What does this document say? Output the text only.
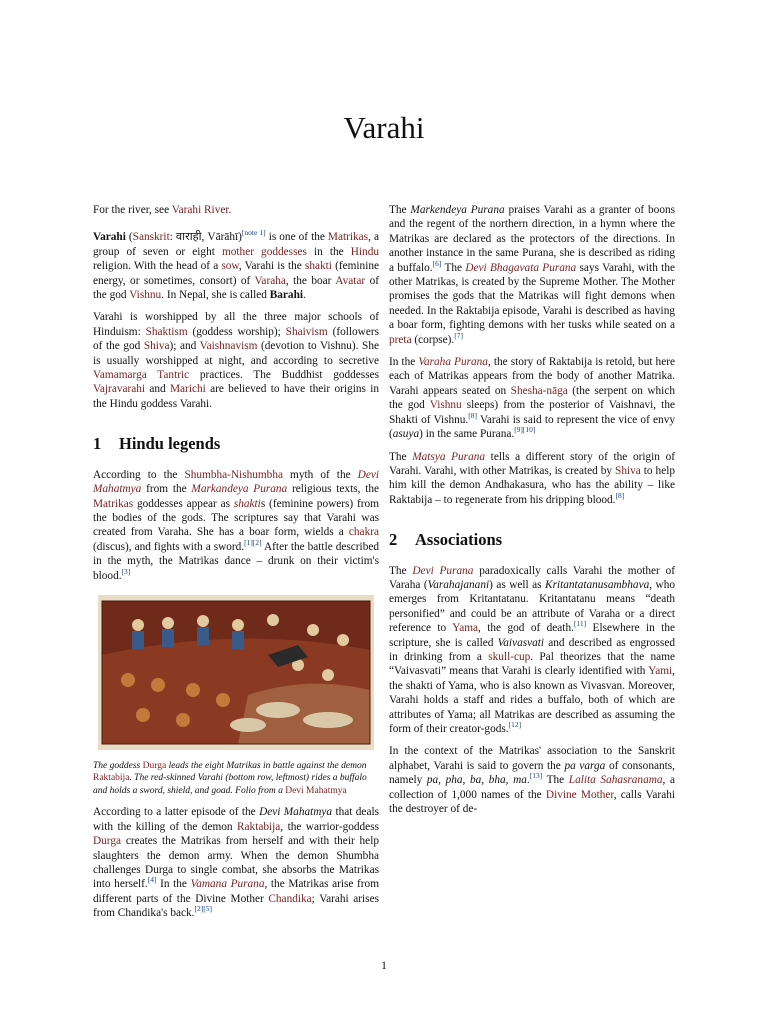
Varahi

For the river, see Varahi River.

Varahi (Sanskrit: वाराही, Vārāhī)[note 1] is one of the Matrikas, a group of seven or eight mother goddesses in the Hindu religion. With the head of a sow, Varahi is the shakti (feminine energy, or sometimes, consort) of Varaha, the boar Avatar of the god Vishnu. In Nepal, she is called Barahi.

Varahi is worshipped by all the three major schools of Hinduism: Shaktism (goddess worship); Shaivism (followers of the god Shiva); and Vaishnavism (devotion to Vishnu). She is usually worshipped at night, and according to secretive Vamamarga Tantric practices. The Buddhist goddesses Vajravarahi and Marichi are believed to have their origins in the Hindu goddess Varahi.

1 Hindu legends

According to the Shumbha-Nishumbha myth of the Devi Mahatmya from the Markandeya Purana religious texts, the Matrikas goddesses appear as shaktis (feminine powers) from the bodies of the gods. The scriptures say that Varahi was created from Varaha. She has a boar form, wields a chakra (discus), and fights with a sword.[1][2] After the battle described in the myth, the Matrikas dance – drunk on their victim's blood.[3]

The goddess Durga leads the eight Matrikas in battle against the demon Raktabija. The red-skinned Varahi (bottom row, leftmost) rides a buffalo and holds a sword, shield, and goad. Folio from a Devi Mahatmya

According to a latter episode of the Devi Mahatmya that deals with the killing of the demon Raktabija, the warrior-goddess Durga creates the Matrikas from herself and with their help slaughters the demon army. When the demon Shumbha challenges Durga to single combat, she absorbs the Matrikas into herself.[4] In the Vamana Purana, the Matrikas arise from different parts of the Divine Mother Chandika; Varahi arises from Chandika's back.[2][5]

The Markendeya Purana praises Varahi as a granter of boons and the regent of the northern direction, in a hymn where the Matrikas are declared as the protectors of the directions. In another instance in the same Purana, she is described as riding a buffalo.[6] The Devi Bhagavata Purana says Varahi, with the other Matrikas, is created by the Supreme Mother. The Mother promises the gods that the Matrikas will fight demons when needed. In the Raktabija episode, Varahi is described as having a boar form, fighting demons with her tusks while seated on a preta (corpse).[7]

In the Varaha Purana, the story of Raktabija is retold, but here each of Matrikas appears from the body of another Matrika. Varahi appears seated on Shesha-nāga (the serpent on which the god Vishnu sleeps) from the posterior of Vaishnavi, the Shakti of Vishnu.[8] Varahi is said to represent the vice of envy (asuya) in the same Purana.[9][10]

The Matsya Purana tells a different story of the origin of Varahi. Varahi, with other Matrikas, is created by Shiva to help him kill the demon Andhakasura, who has the ability – like Raktabija – to regenerate from his dripping blood.[8]

2 Associations

The Devi Purana paradoxically calls Varahi the mother of Varaha (Varahajanani) as well as Kritantatanusambhava, who emerges from Kritantatanu. Kritantatanu means “death personified” and could be an attribute of Varaha or a direct reference to Yama, the god of death.[11] Elsewhere in the scripture, she is called Vaivasvati and described as engrossed in drinking from a skull-cup. Pal theorizes that the name “Vaivasvati” means that Varahi is clearly identified with Yami, the shakti of Yama, who is also known as Vivasvan. Moreover, Varahi holds a staff and rides a buffalo, both of which are attributes of Yama; all Matrikas are described as assuming the form of their creator-gods.[12]

In the context of the Matrikas' association to the Sanskrit alphabet, Varahi is said to govern the pa varga of consonants, namely pa, pha, ba, bha, ma.[13] The Lalita Sahasranama, a collection of 1,000 names of the Divine Mother, calls Varahi the destroyer of de-

1
